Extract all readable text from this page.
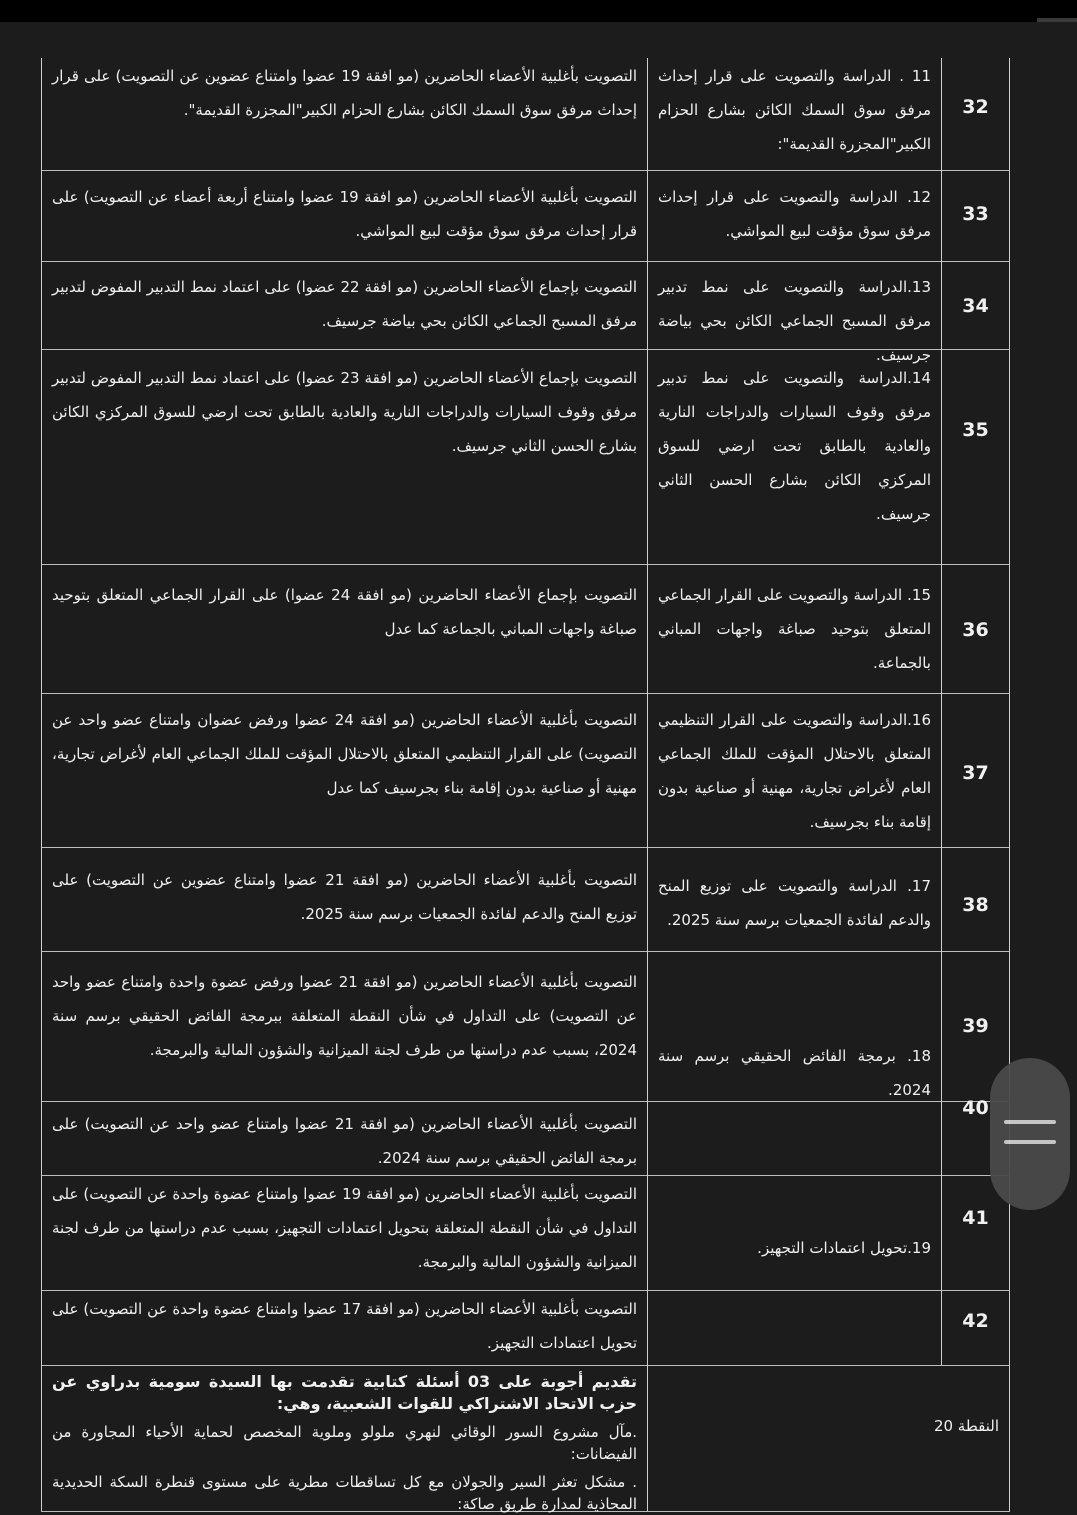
التصويت بأغلبية الأعضاء الحاضرين (مو افقة 19 عضوا وامتناع عضوين عن التصويت) على قرار إحداث مرفق سوق السمك الكائن بشارع الحزام الكبير"المجزرة القديمة".
11 . الدراسة والتصويت على قرار إحداث مرفق سوق السمك الكائن بشارع الحزام الكبير"المجزرة القديمة":
32
التصويت بأغلبية الأعضاء الحاضرين (مو افقة 19 عضوا وامتناع أربعة أعضاء عن التصويت) على قرار إحداث مرفق سوق مؤقت لبيع المواشي.
12. الدراسة والتصويت على قرار إحداث مرفق سوق مؤقت لبيع المواشي.
33
التصويت بإجماع الأعضاء الحاضرين (مو افقة 22 عضوا) على اعتماد نمط التدبير المفوض لتدبير مرفق المسبح الجماعي الكائن بحي بياضة جرسيف.
13.الدراسة والتصويت على نمط تدبير مرفق المسبح الجماعي الكائن بحي بياضة جرسيف.
34
التصويت بإجماع الأعضاء الحاضرين (مو افقة 23 عضوا) على اعتماد نمط التدبير المفوض لتدبير مرفق وقوف السيارات والدراجات النارية والعادية بالطابق تحت ارضي للسوق المركزي الكائن بشارع الحسن الثاني جرسيف.
14.الدراسة والتصويت على نمط تدبير مرفق وقوف السيارات والدراجات النارية والعادية بالطابق تحت ارضي للسوق المركزي الكائن بشارع الحسن الثاني جرسيف.
35
التصويت بإجماع الأعضاء الحاضرين (مو افقة 24 عضوا) على القرار الجماعي المتعلق بتوحيد صباغة واجهات المباني بالجماعة كما عدل
15. الدراسة والتصويت على القرار الجماعي المتعلق بتوحيد صباغة واجهات المباني بالجماعة.
36
التصويت بأغلبية الأعضاء الحاضرين (مو افقة 24 عضوا ورفض عضوان وامتناع عضو واحد عن التصويت) على القرار التنظيمي المتعلق بالاحتلال المؤقت للملك الجماعي العام لأغراض تجارية، مهنية أو صناعية بدون إقامة بناء بجرسيف كما عدل
16.الدراسة والتصويت على القرار التنظيمي المتعلق بالاحتلال المؤقت للملك الجماعي العام لأغراض تجارية، مهنية أو صناعية بدون إقامة بناء بجرسيف.
37
التصويت بأغلبية الأعضاء الحاضرين (مو افقة 21 عضوا وامتناع عضوين عن التصويت) على توزيع المنح والدعم لفائدة الجمعيات برسم سنة 2025.
17. الدراسة والتصويت على توزيع المنح والدعم لفائدة الجمعيات برسم سنة 2025.
38
18. برمجة الفائض الحقيقي برسم سنة 2024.
التصويت بأغلبية الأعضاء الحاضرين (مو افقة 21 عضوا ورفض عضوة واحدة وامتناع عضو واحد عن التصويت) على التداول في شأن النقطة المتعلقة ببرمجة الفائض الحقيقي برسم سنة 2024، بسبب عدم دراستها من طرف لجنة الميزانية والشؤون المالية والبرمجة.
39
التصويت بأغلبية الأعضاء الحاضرين (مو افقة 21 عضوا وامتناع عضو واحد عن التصويت) على برمجة الفائض الحقيقي برسم سنة 2024.
40
19.تحويل اعتمادات التجهيز.
التصويت بأغلبية الأعضاء الحاضرين (مو افقة 19 عضوا وامتناع عضوة واحدة عن التصويت) على التداول في شأن النقطة المتعلقة بتحويل اعتمادات التجهيز، بسبب عدم دراستها من طرف لجنة الميزانية والشؤون المالية والبرمجة.
41
التصويت بأغلبية الأعضاء الحاضرين (مو افقة 17 عضوا وامتناع عضوة واحدة عن التصويت) على تحويل اعتمادات التجهيز.
42
تقديم أجوبة على 03 أسئلة كتابية تقدمت بها السيدة سومية بدراوي عن حزب الاتحاد الاشتراكي للقوات الشعبية، وهي:
.مآل مشروع السور الوقائي لنهري ملولو وملوية المخصص لحماية الأحياء المجاورة من الفيضانات:
. مشكل تعثر السير والجولان مع كل تساقطات مطرية على مستوى قنطرة السكة الحديدية المحاذية لمدارة طريق صاكة:
النقطة 20
